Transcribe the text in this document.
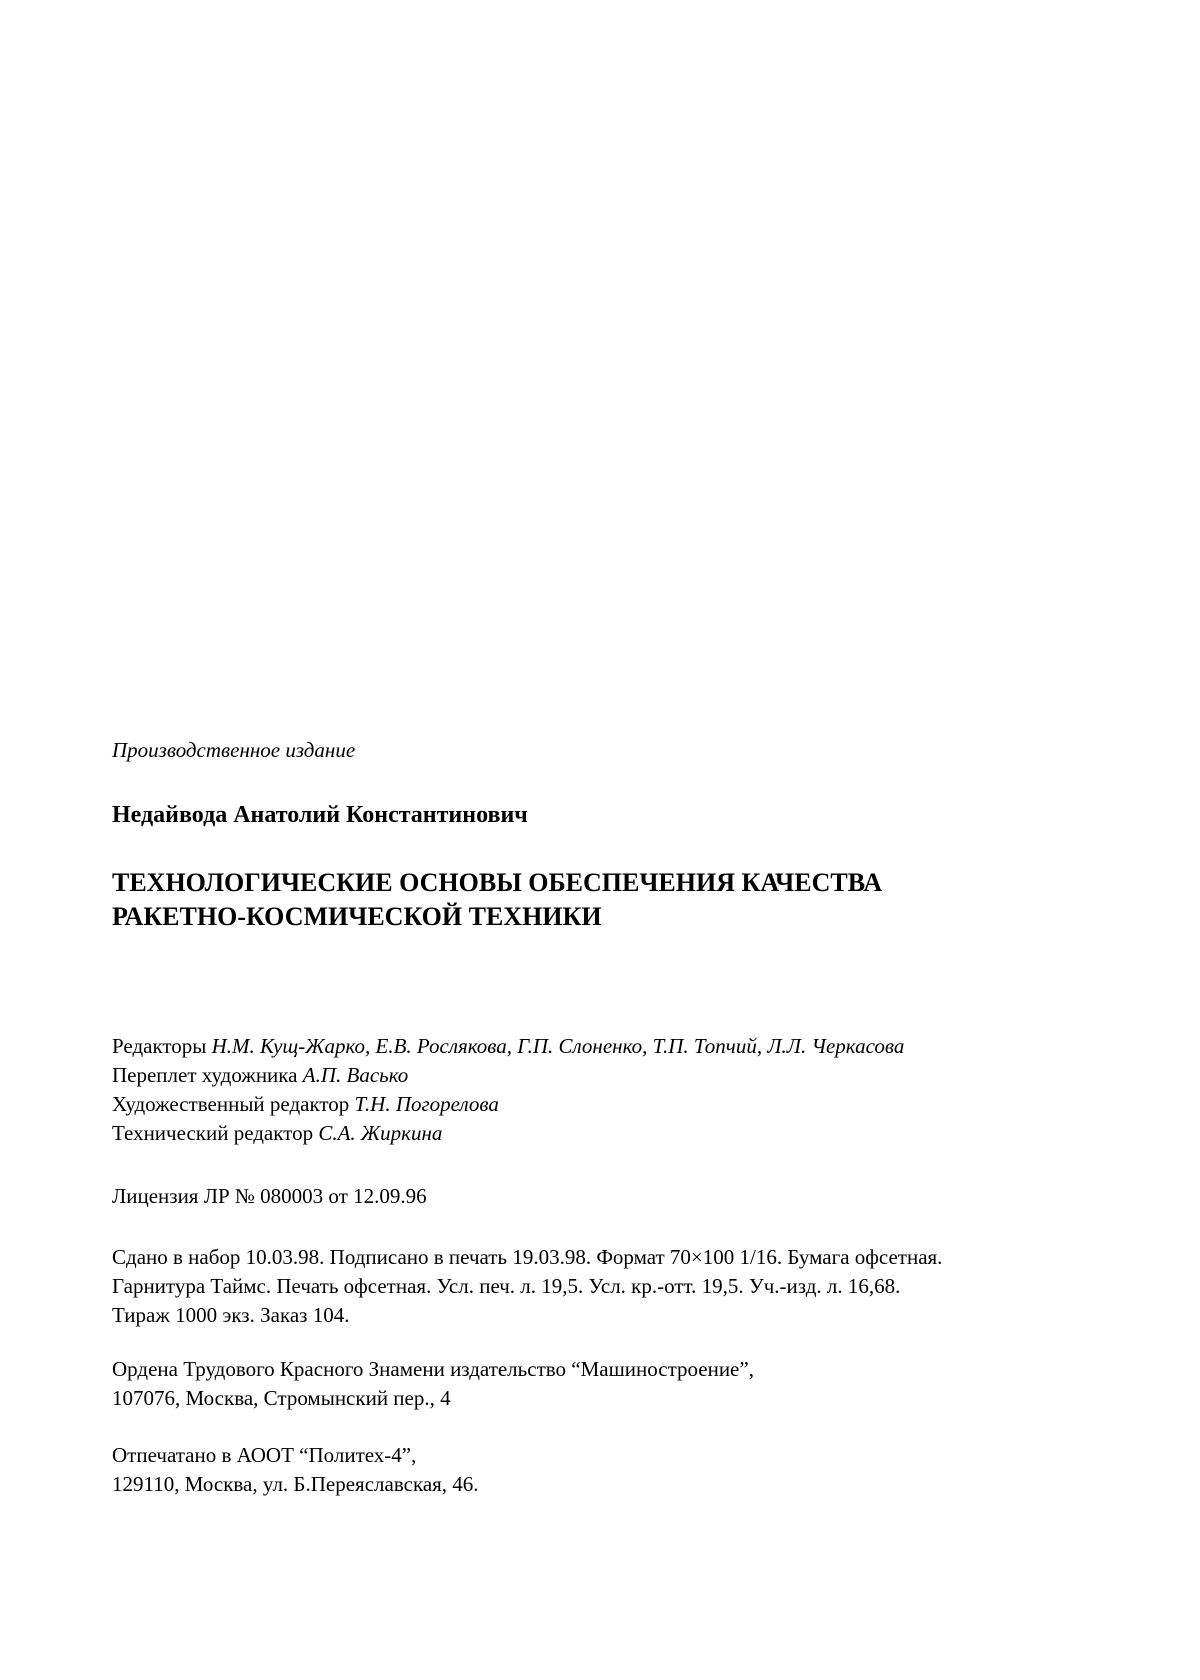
Производственное издание
Недайвода Анатолий Константинович
ТЕХНОЛОГИЧЕСКИЕ ОСНОВЫ ОБЕСПЕЧЕНИЯ КАЧЕСТВА
РАКЕТНО-КОСМИЧЕСКОЙ ТЕХНИКИ
Редакторы Н.М. Кущ-Жарко, Е.В. Рослякова, Г.П. Слоненко, Т.П. Топчий, Л.Л. Черкасова
Переплет художника А.П. Васько
Художественный редактор Т.Н. Погорелова
Технический редактор С.А. Жиркина
Лицензия ЛР № 080003 от 12.09.96
Сдано в набор 10.03.98. Подписано в печать 19.03.98. Формат 70×100 1/16. Бумага офсетная.
Гарнитура Таймс. Печать офсетная. Усл. печ. л. 19,5. Усл. кр.-отт. 19,5. Уч.-изд. л. 16,68.
Тираж 1000 экз. Заказ 104.
Ордена Трудового Красного Знамени издательство “Машиностроение”,
107076, Москва, Стромынский пер., 4
Отпечатано в АООТ “Политех-4”,
129110, Москва, ул. Б.Переяславская, 46.
